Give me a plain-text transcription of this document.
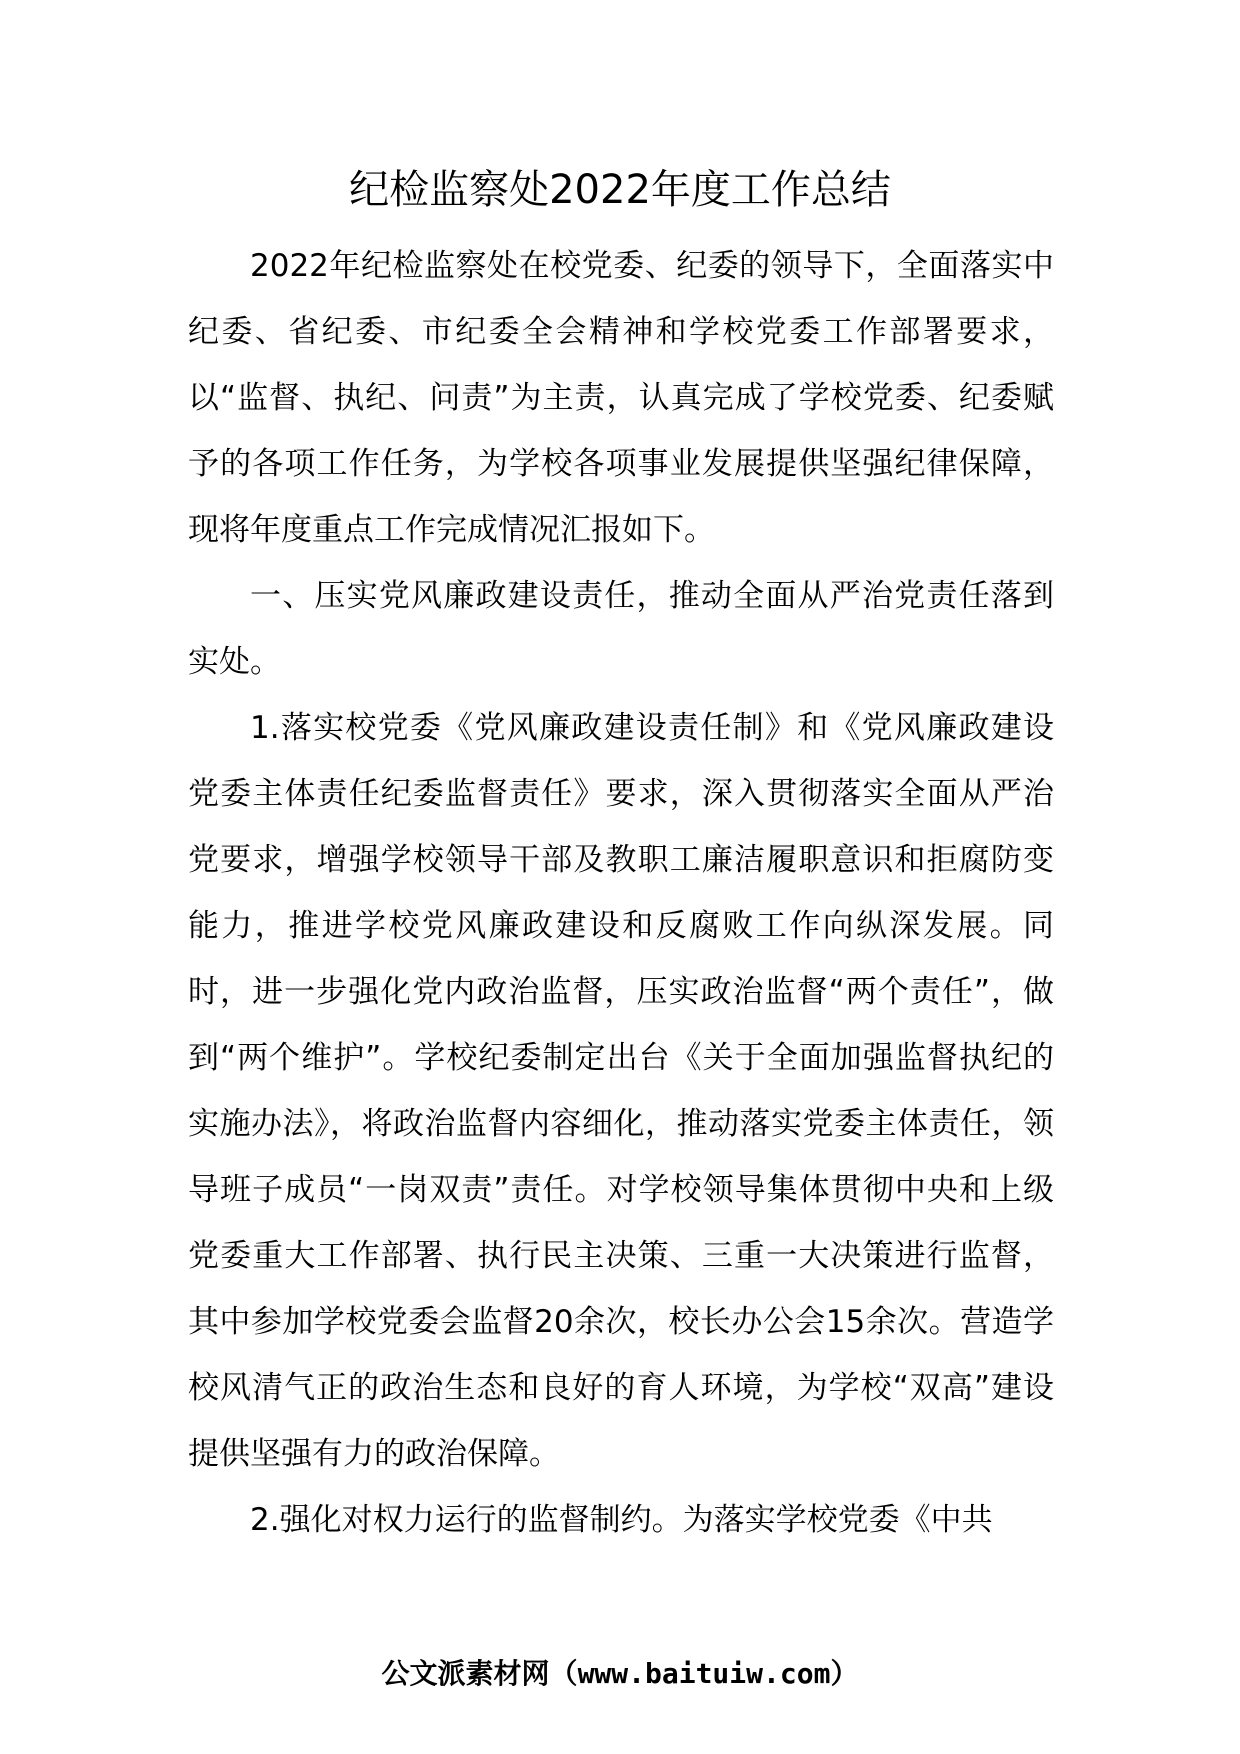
纪检监察处2022年度工作总结

2022年纪检监察处在校党委、纪委的领导下，全面落实中纪委、省纪委、市纪委全会精神和学校党委工作部署要求，以“监督、执纪、问责”为主责，认真完成了学校党委、纪委赋予的各项工作任务，为学校各项事业发展提供坚强纪律保障，现将年度重点工作完成情况汇报如下。

一、压实党风廉政建设责任，推动全面从严治党责任落到实处。

1.落实校党委《党风廉政建设责任制》和《党风廉政建设党委主体责任纪委监督责任》要求，深入贯彻落实全面从严治党要求，增强学校领导干部及教职工廉洁履职意识和拒腐防变能力，推进学校党风廉政建设和反腐败工作向纵深发展。同时，进一步强化党内政治监督，压实政治监督“两个责任”，做到“两个维护”。学校纪委制定出台《关于全面加强监督执纪的实施办法》，将政治监督内容细化，推动落实党委主体责任，领导班子成员“一岗双责”责任。对学校领导集体贯彻中央和上级党委重大工作部署、执行民主决策、三重一大决策进行监督，其中参加学校党委会监督20余次，校长办公会15余次。营造学校风清气正的政治生态和良好的育人环境，为学校“双高”建设提供坚强有力的政治保障。

2.强化对权力运行的监督制约。为落实学校党委《中共

公文派素材网（www.baituiw.com）
